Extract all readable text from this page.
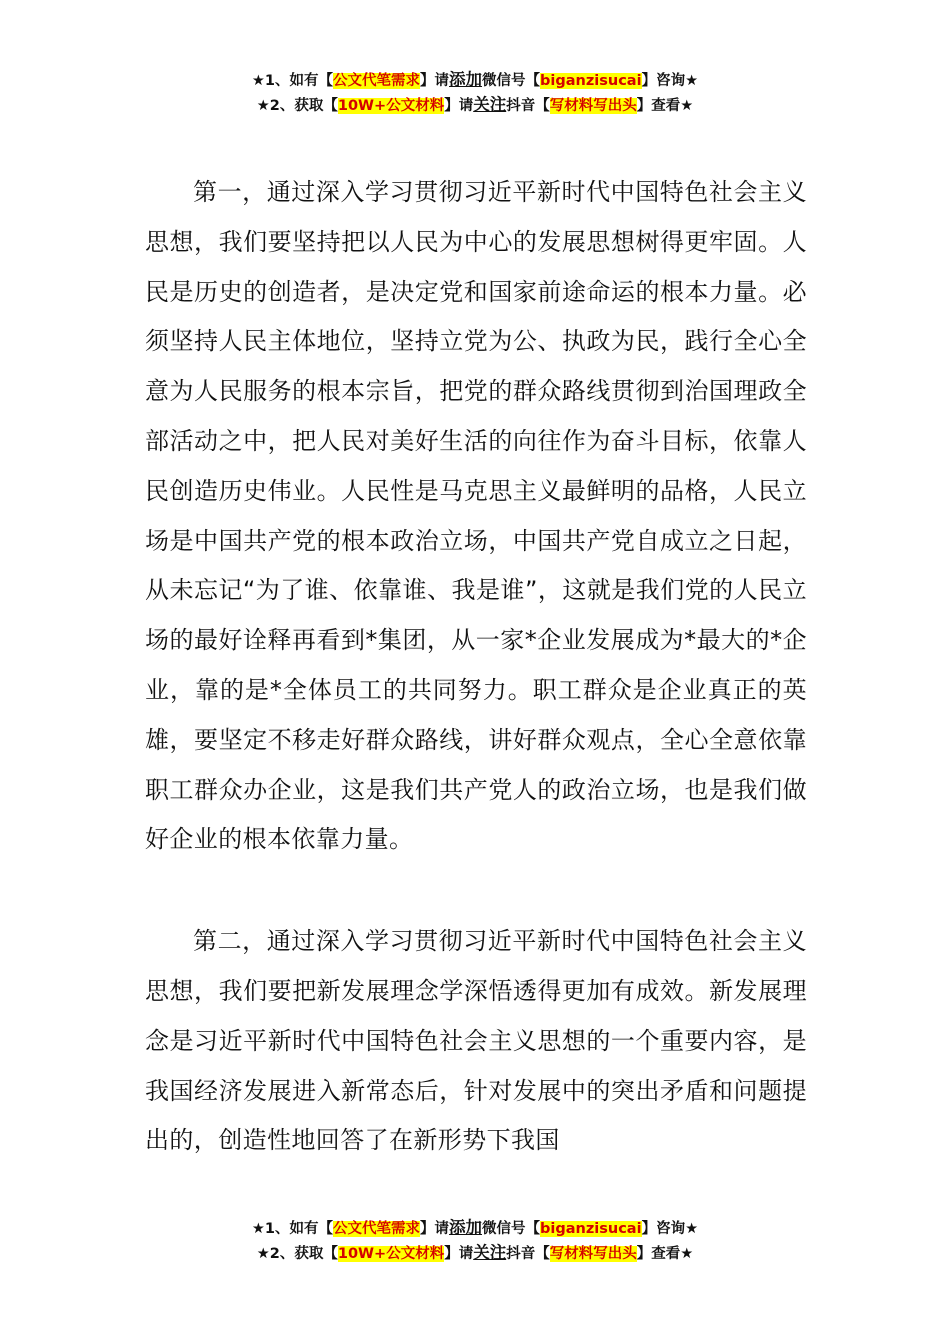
★1、如有【公文代笔需求】请添加微信号【biganzisucai】咨询★
★2、获取【10W+公文材料】请关注抖音【写材料写出头】查看★

第一，通过深入学习贯彻习近平新时代中国特色社会主义思想，我们要坚持把以人民为中心的发展思想树得更牢固。人民是历史的创造者，是决定党和国家前途命运的根本力量。必须坚持人民主体地位，坚持立党为公、执政为民，践行全心全意为人民服务的根本宗旨，把党的群众路线贯彻到治国理政全部活动之中，把人民对美好生活的向往作为奋斗目标，依靠人民创造历史伟业。人民性是马克思主义最鲜明的品格，人民立场是中国共产党的根本政治立场，中国共产党自成立之日起，从未忘记“为了谁、依靠谁、我是谁”，这就是我们党的人民立场的最好诠释再看到*集团，从一家*企业发展成为*最大的*企业，靠的是*全体员工的共同努力。职工群众是企业真正的英雄，要坚定不移走好群众路线，讲好群众观点，全心全意依靠职工群众办企业，这是我们共产党人的政治立场，也是我们做好企业的根本依靠力量。

第二，通过深入学习贯彻习近平新时代中国特色社会主义思想，我们要把新发展理念学深悟透得更加有成效。新发展理念是习近平新时代中国特色社会主义思想的一个重要内容，是我国经济发展进入新常态后，针对发展中的突出矛盾和问题提出的，创造性地回答了在新形势下我国

★1、如有【公文代笔需求】请添加微信号【biganzisucai】咨询★
★2、获取【10W+公文材料】请关注抖音【写材料写出头】查看★
